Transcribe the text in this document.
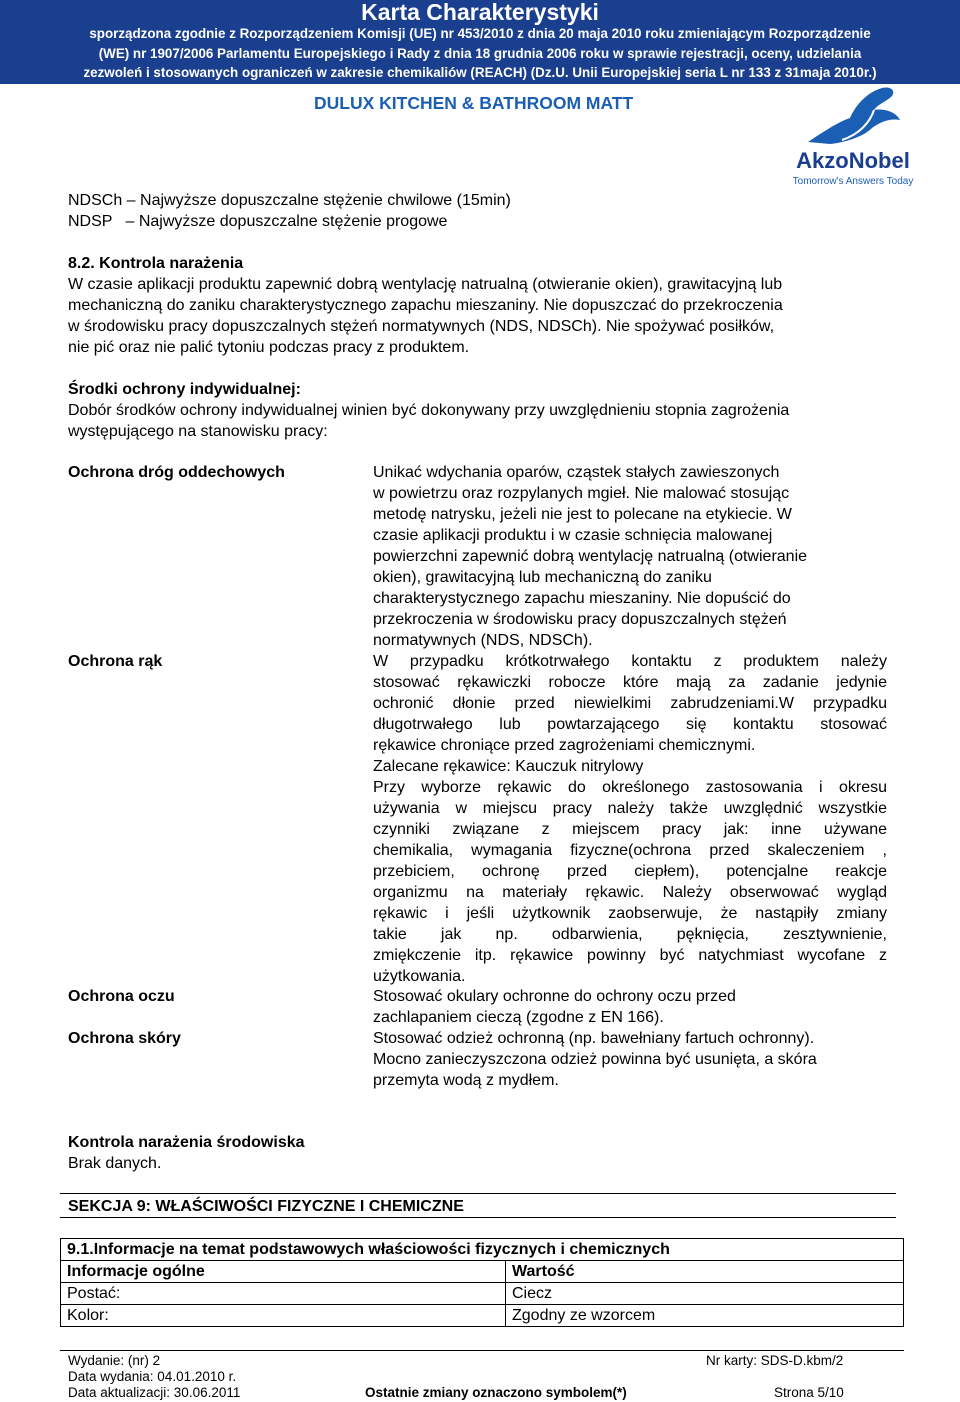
Karta Charakterystyki
sporządzona zgodnie z Rozporządzeniem Komisji (UE) nr 453/2010 z dnia 20 maja 2010 roku zmieniającym Rozporządzenie
(WE) nr 1907/2006 Parlamentu Europejskiego i Rady z dnia 18 grudnia 2006 roku w sprawie rejestracji, oceny, udzielania
zezwoleń i stosowanych ograniczeń w zakresie chemikaliów (REACH) (Dz.U. Unii Europejskiej seria L nr 133 z 31maja 2010r.)
DULUX KITCHEN & BATHROOM MATT
AkzoNobel
Tomorrow's Answers Today
NDSCh – Najwyższe dopuszczalne stężenie chwilowe (15min)
NDSP   – Najwyższe dopuszczalne stężenie progowe
8.2. Kontrola narażenia
W czasie aplikacji produktu zapewnić dobrą wentylację natrualną (otwieranie okien), grawitacyjną lub
mechaniczną do zaniku charakterystycznego zapachu mieszaniny. Nie dopuszczać do przekroczenia
w środowisku pracy dopuszczalnych stężeń normatywnych (NDS, NDSCh). Nie spożywać posiłków,
nie pić oraz nie palić tytoniu podczas pracy z produktem.
Środki ochrony indywidualnej:
Dobór środków ochrony indywidualnej winien być dokonywany przy uwzględnieniu stopnia zagrożenia
występującego na stanowisku pracy:
Ochrona dróg oddechowych	Unikać wdychania oparów, cząstek stałych zawieszonych
w powietrzu oraz rozpylanych mgieł. Nie malować stosując
metodę natrysku, jeżeli nie jest to polecane na etykiecie. W
czasie aplikacji produktu i w czasie schnięcia malowanej
powierzchni zapewnić dobrą wentylację natrualną (otwieranie
okien), grawitacyjną lub mechaniczną do zaniku
charakterystycznego zapachu mieszaniny. Nie dopuścić do
przekroczenia w środowisku pracy dopuszczalnych stężeń
normatywnych (NDS, NDSCh).
Ochrona rąk	W przypadku krótkotrwałego kontaktu z produktem należy
stosować rękawiczki robocze które mają za zadanie jedynie
ochronić dłonie przed niewielkimi zabrudzeniami.W przypadku
długotrwałego lub powtarzającego się kontaktu stosować
rękawice chroniące przed zagrożeniami chemicznymi.
Zalecane rękawice: Kauczuk nitrylowy
Przy wyborze rękawic do określonego zastosowania i okresu
używania w miejscu pracy należy także uwzględnić wszystkie
czynniki związane z miejscem pracy jak: inne używane
chemikalia, wymagania fizyczne(ochrona przed skaleczeniem ,
przebiciem, ochronę przed ciepłem), potencjalne reakcje
organizmu na materiały rękawic. Należy obserwować wygląd
rękawic i jeśli użytkownik zaobserwuje, że nastąpiły zmiany
takie jak np. odbarwienia, pęknięcia, zesztywnienie,
zmiękczenie itp. rękawice powinny być natychmiast wycofane z
użytkowania.
Ochrona oczu	Stosować okulary ochronne do ochrony oczu przed
zachlapaniem cieczą (zgodne z EN 166).
Ochrona skóry	Stosować odzież ochronną (np. bawełniany fartuch ochronny).
Mocno zanieczyszczona odzież powinna być usunięta, a skóra
przemyta wodą z mydłem.
Kontrola narażenia środowiska
Brak danych.
SEKCJA 9: WŁAŚCIWOŚCI FIZYCZNE I CHEMICZNE
9.1.Informacje na temat podstawowych właściowości fizycznych i chemicznych	
Informacje ogólne	Wartość
Postać:	Ciecz
Kolor:	Zgodny ze wzorcem
Wydanie: (nr) 2
Data wydania: 04.01.2010 r.
Data aktualizacji: 30.06.2011	Ostatnie zmiany oznaczono symbolem(*)
Nr karty: SDS-D.kbm/2
Strona 5/10
